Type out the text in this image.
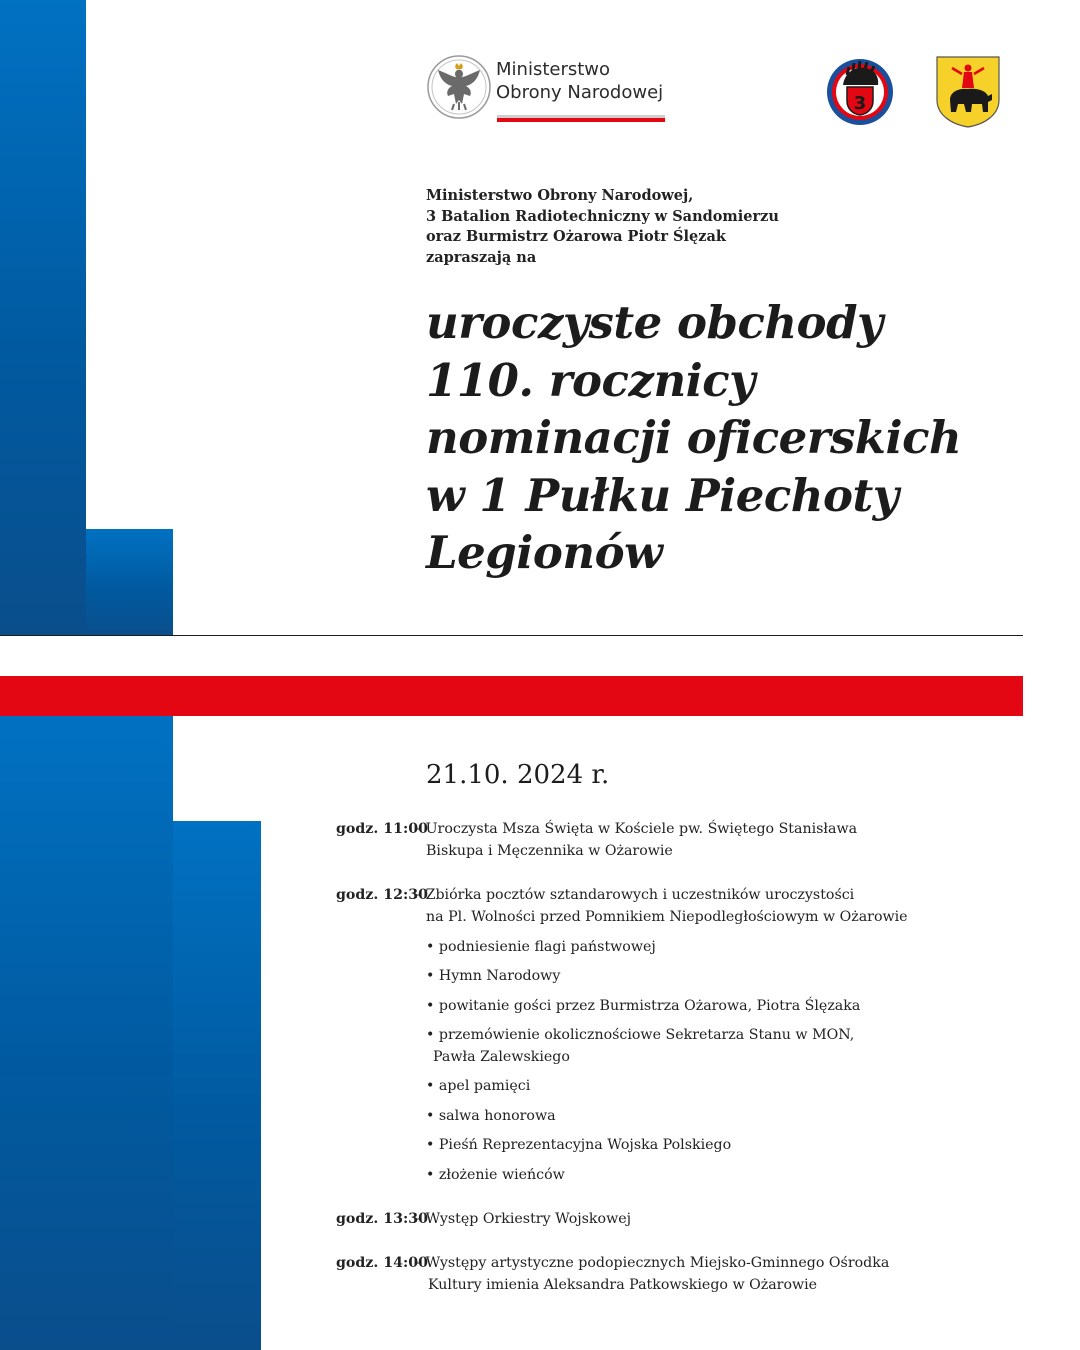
Ministerstwo
Obrony Narodowej
3
Ministerstwo Obrony Narodowej,
3 Batalion Radiotechniczny w Sandomierzu
oraz Burmistrz Ożarowa Piotr Ślęzak
zapraszają na
uroczyste obchody
110. rocznicy
nominacji oficerskich
w 1 Pułku Piechoty
Legionów
21.10. 2024 r.
godz. 11:00
– Uroczysta Msza Święta w Kościele pw. Świętego Stanisława
Biskupa i Męczennika w Ożarowie
godz. 12:30
– Zbiórka pocztów sztandarowych i uczestników uroczystości
na Pl. Wolności przed Pomnikiem Niepodległościowym w Ożarowie
• podniesienie flagi państwowej
• Hymn Narodowy
• powitanie gości przez Burmistrza Ożarowa, Piotra Ślęzaka
• przemówienie okolicznościowe Sekretarza Stanu w MON,
Pawła Zalewskiego
• apel pamięci
• salwa honorowa
• Pieśń Reprezentacyjna Wojska Polskiego
• złożenie wieńców
godz. 13:30
– Występ Orkiestry Wojskowej
godz. 14:00
– Występy artystyczne podopiecznych Miejsko-Gminnego Ośrodka
Kultury imienia Aleksandra Patkowskiego w Ożarowie
